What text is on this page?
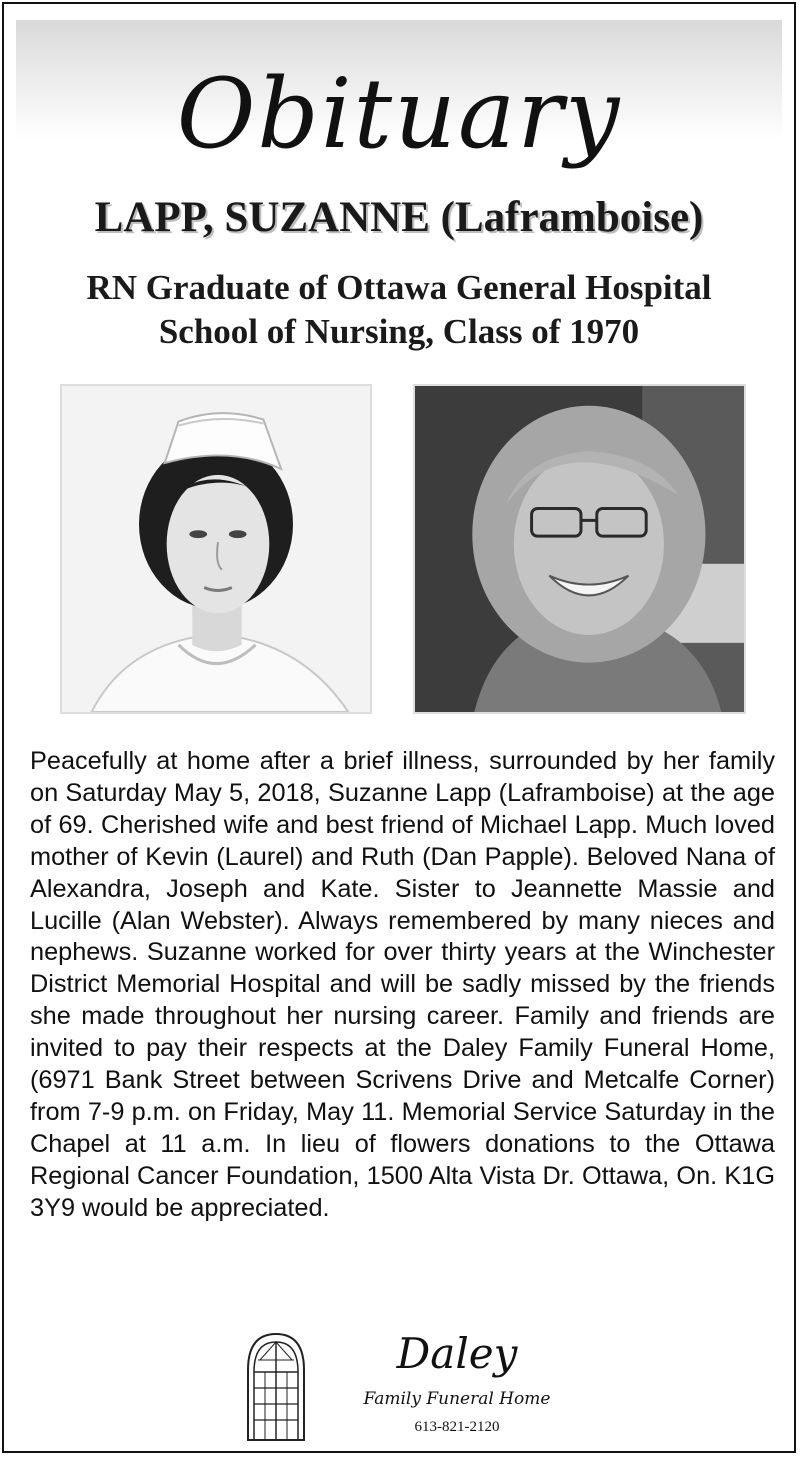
Obituary
LAPP, SUZANNE (Laframboise)
RN Graduate of Ottawa General Hospital
School of Nursing, Class of 1970

Peacefully at home after a brief illness, surrounded by her family on Saturday May 5, 2018, Suzanne Lapp (Laframboise) at the age of 69. Cherished wife and best friend of Michael Lapp. Much loved mother of Kevin (Laurel) and Ruth (Dan Papple). Beloved Nana of Alexandra, Joseph and Kate. Sister to Jeannette Massie and Lucille (Alan Webster). Always remembered by many nieces and nephews. Suzanne worked for over thirty years at the Winchester District Memorial Hospital and will be sadly missed by the friends she made throughout her nursing career. Family and friends are invited to pay their respects at the Daley Family Funeral Home, (6971 Bank Street between Scrivens Drive and Metcalfe Corner) from 7-9 p.m. on Friday, May 11. Memorial Service Saturday in the Chapel at 11 a.m. In lieu of flowers donations to the Ottawa Regional Cancer Foundation, 1500 Alta Vista Dr. Ottawa, On. K1G 3Y9 would be appreciated.

Daley
Family Funeral Home
613-821-2120
